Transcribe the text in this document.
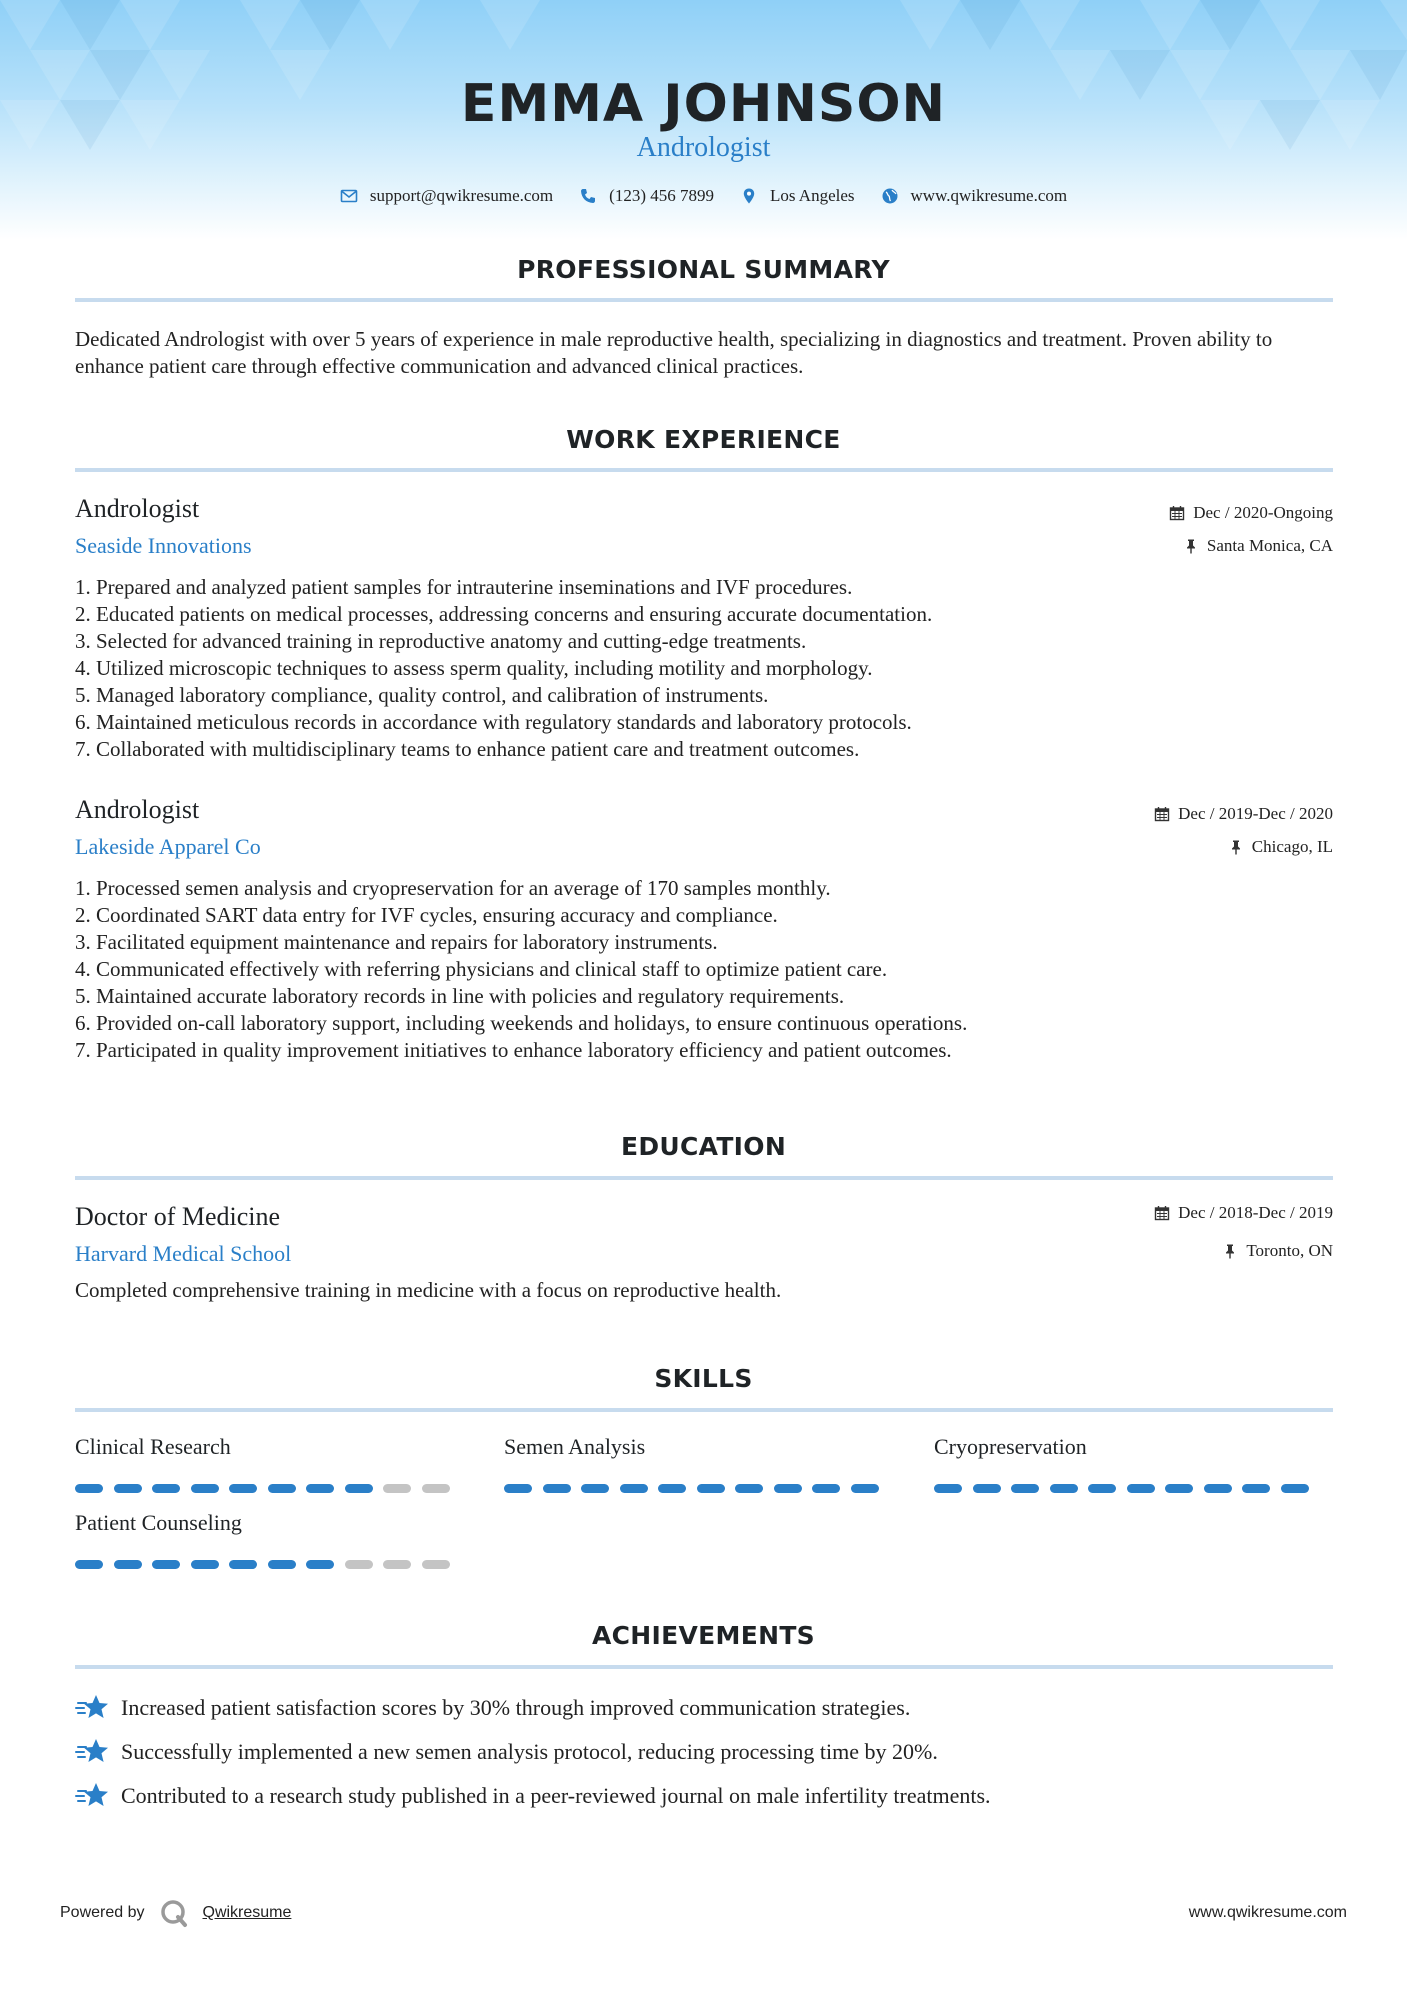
EMMA JOHNSON
Andrologist
support@qwikresume.com	(123) 456 7899	Los Angeles	www.qwikresume.com
PROFESSIONAL SUMMARY
Dedicated Andrologist with over 5 years of experience in male reproductive health, specializing in diagnostics and treatment. Proven ability to enhance patient care through effective communication and advanced clinical practices.
WORK EXPERIENCE
Andrologist
Seaside Innovations
Dec / 2020-Ongoing
Santa Monica, CA
1. Prepared and analyzed patient samples for intrauterine inseminations and IVF procedures.
2. Educated patients on medical processes, addressing concerns and ensuring accurate documentation.
3. Selected for advanced training in reproductive anatomy and cutting-edge treatments.
4. Utilized microscopic techniques to assess sperm quality, including motility and morphology.
5. Managed laboratory compliance, quality control, and calibration of instruments.
6. Maintained meticulous records in accordance with regulatory standards and laboratory protocols.
7. Collaborated with multidisciplinary teams to enhance patient care and treatment outcomes.
Andrologist
Lakeside Apparel Co
Dec / 2019-Dec / 2020
Chicago, IL
1. Processed semen analysis and cryopreservation for an average of 170 samples monthly.
2. Coordinated SART data entry for IVF cycles, ensuring accuracy and compliance.
3. Facilitated equipment maintenance and repairs for laboratory instruments.
4. Communicated effectively with referring physicians and clinical staff to optimize patient care.
5. Maintained accurate laboratory records in line with policies and regulatory requirements.
6. Provided on-call laboratory support, including weekends and holidays, to ensure continuous operations.
7. Participated in quality improvement initiatives to enhance laboratory efficiency and patient outcomes.
EDUCATION
Doctor of Medicine
Harvard Medical School
Dec / 2018-Dec / 2019
Toronto, ON
Completed comprehensive training in medicine with a focus on reproductive health.
SKILLS
Clinical Research	Semen Analysis	Cryopreservation
Patient Counseling
ACHIEVEMENTS
Increased patient satisfaction scores by 30% through improved communication strategies.
Successfully implemented a new semen analysis protocol, reducing processing time by 20%.
Contributed to a research study published in a peer-reviewed journal on male infertility treatments.
Powered by	Qwikresume	www.qwikresume.com
